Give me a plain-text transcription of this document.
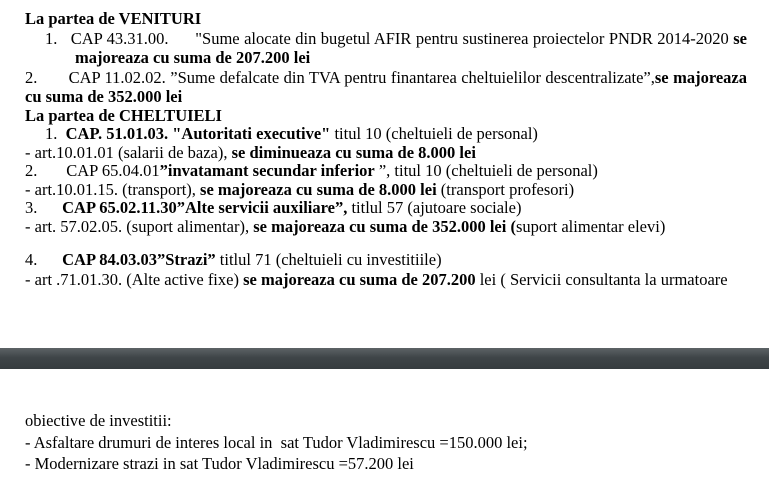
La partea de VENITURI
1.   CAP 43.31.00.      "Sume alocate din bugetul AFIR pentru sustinerea proiectelor PNDR 2014-2020 se
majoreaza cu suma de 207.200 lei
2.       CAP 11.02.02. ”Sume defalcate din TVA pentru finantarea cheltuielilor descentralizate”,se majoreaza
cu suma de 352.000 lei
La partea de CHELTUIELI
1.  CAP. 51.01.03. "Autoritati executive" titul 10 (cheltuieli de personal)
- art.10.01.01 (salarii de baza), se diminueaza cu suma de 8.000 lei
2.       CAP 65.04.01”invatamant secundar inferior ”, titul 10 (cheltuieli de personal)
- art.10.01.15. (transport), se majoreaza cu suma de 8.000 lei (transport profesori)
3.      CAP 65.02.11.30”Alte servicii auxiliare”, titlul 57 (ajutoare sociale)
- art. 57.02.05. (suport alimentar), se majoreaza cu suma de 352.000 lei (suport alimentar elevi)
4.      CAP 84.03.03”Strazi” titlul 71 (cheltuieli cu investitiile)
- art .71.01.30. (Alte active fixe) se majoreaza cu suma de 207.200 lei ( Servicii consultanta la urmatoare
obiective de investitii:
- Asfaltare drumuri de interes local in  sat Tudor Vladimirescu =150.000 lei;
- Modernizare strazi in sat Tudor Vladimirescu =57.200 lei
